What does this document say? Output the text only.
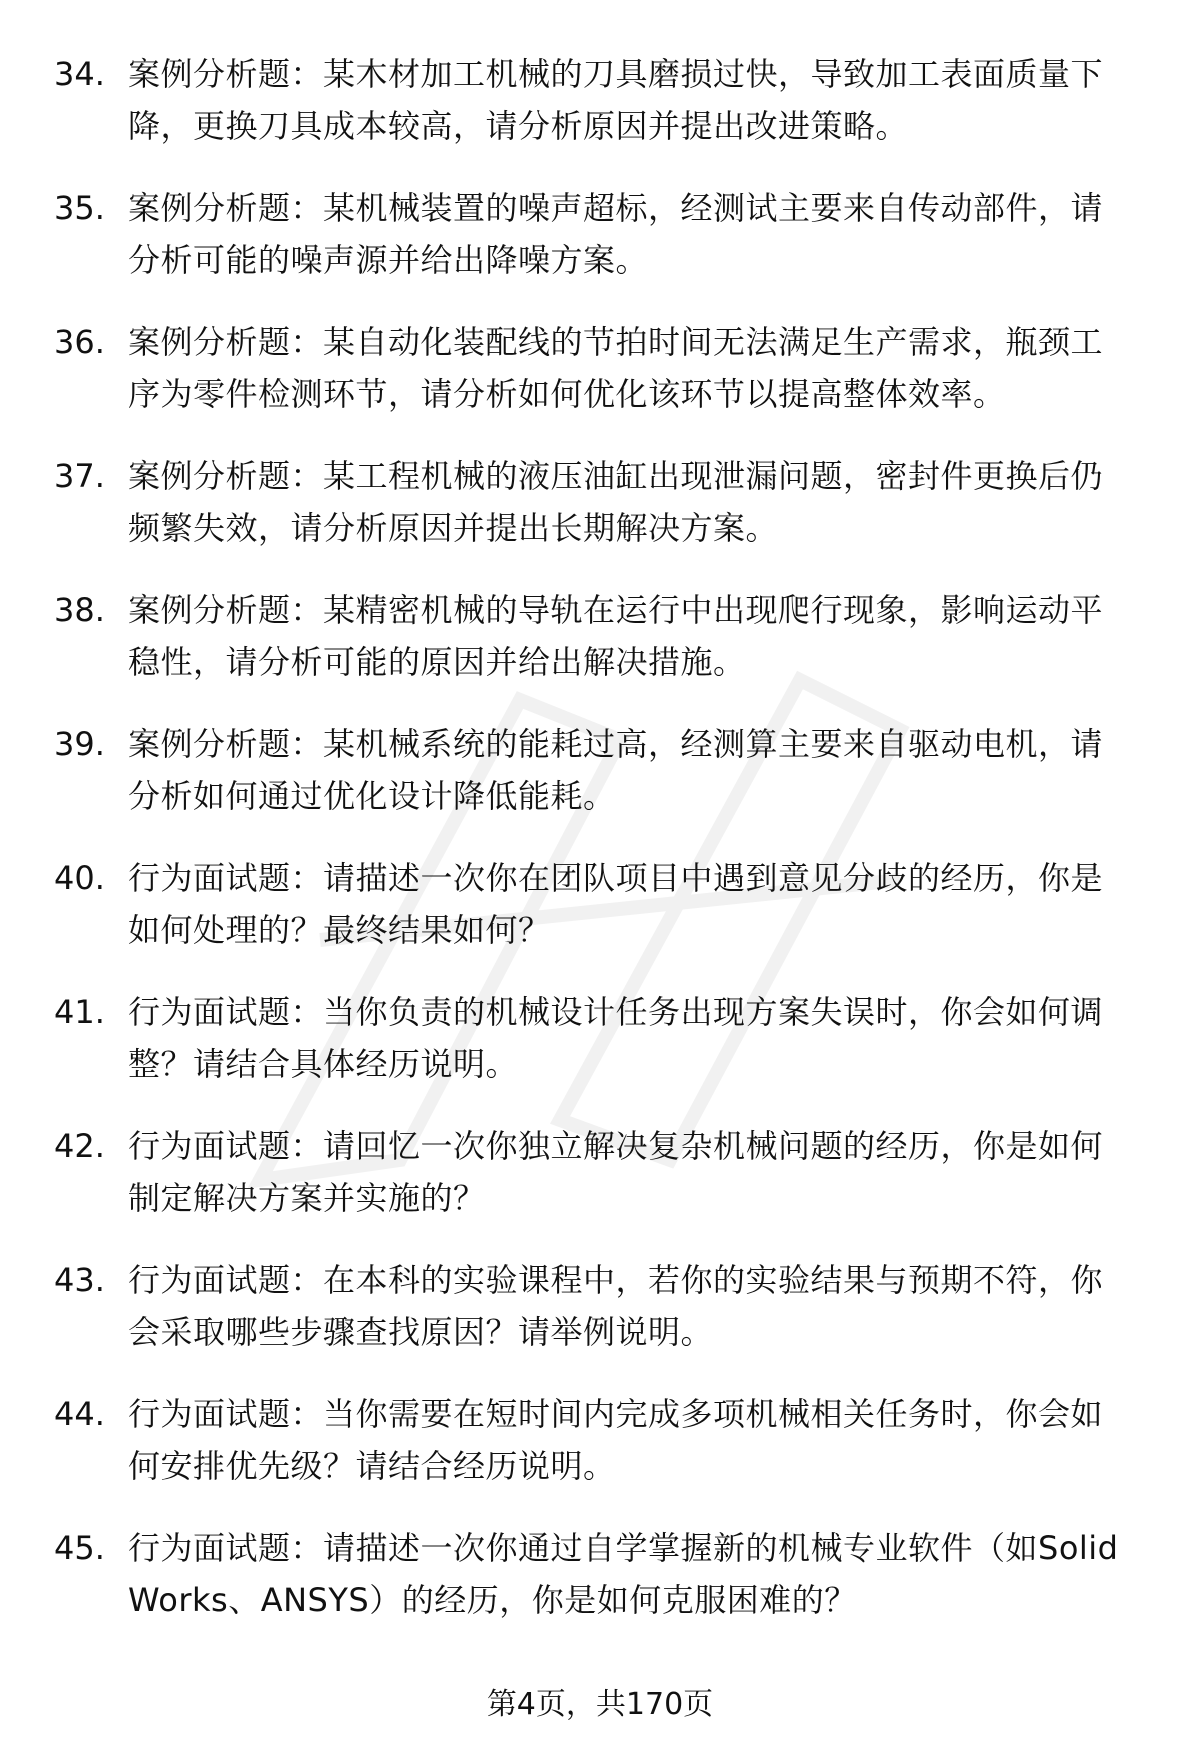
34. 案例分析题：某木材加工机械的刀具磨损过快，导致加工表面质量下降，更换刀具成本较高，请分析原因并提出改进策略。
35. 案例分析题：某机械装置的噪声超标，经测试主要来自传动部件，请分析可能的噪声源并给出降噪方案。
36. 案例分析题：某自动化装配线的节拍时间无法满足生产需求，瓶颈工序为零件检测环节，请分析如何优化该环节以提高整体效率。
37. 案例分析题：某工程机械的液压油缸出现泄漏问题，密封件更换后仍频繁失效，请分析原因并提出长期解决方案。
38. 案例分析题：某精密机械的导轨在运行中出现爬行现象，影响运动平稳性，请分析可能的原因并给出解决措施。
39. 案例分析题：某机械系统的能耗过高，经测算主要来自驱动电机，请分析如何通过优化设计降低能耗。
40. 行为面试题：请描述一次你在团队项目中遇到意见分歧的经历，你是如何处理的？最终结果如何？
41. 行为面试题：当你负责的机械设计任务出现方案失误时，你会如何调整？请结合具体经历说明。
42. 行为面试题：请回忆一次你独立解决复杂机械问题的经历，你是如何制定解决方案并实施的？
43. 行为面试题：在本科的实验课程中，若你的实验结果与预期不符，你会采取哪些步骤查找原因？请举例说明。
44. 行为面试题：当你需要在短时间内完成多项机械相关任务时，你会如何安排优先级？请结合经历说明。
45. 行为面试题：请描述一次你通过自学掌握新的机械专业软件（如SolidWorks、ANSYS）的经历，你是如何克服困难的？
第4页，共170页
